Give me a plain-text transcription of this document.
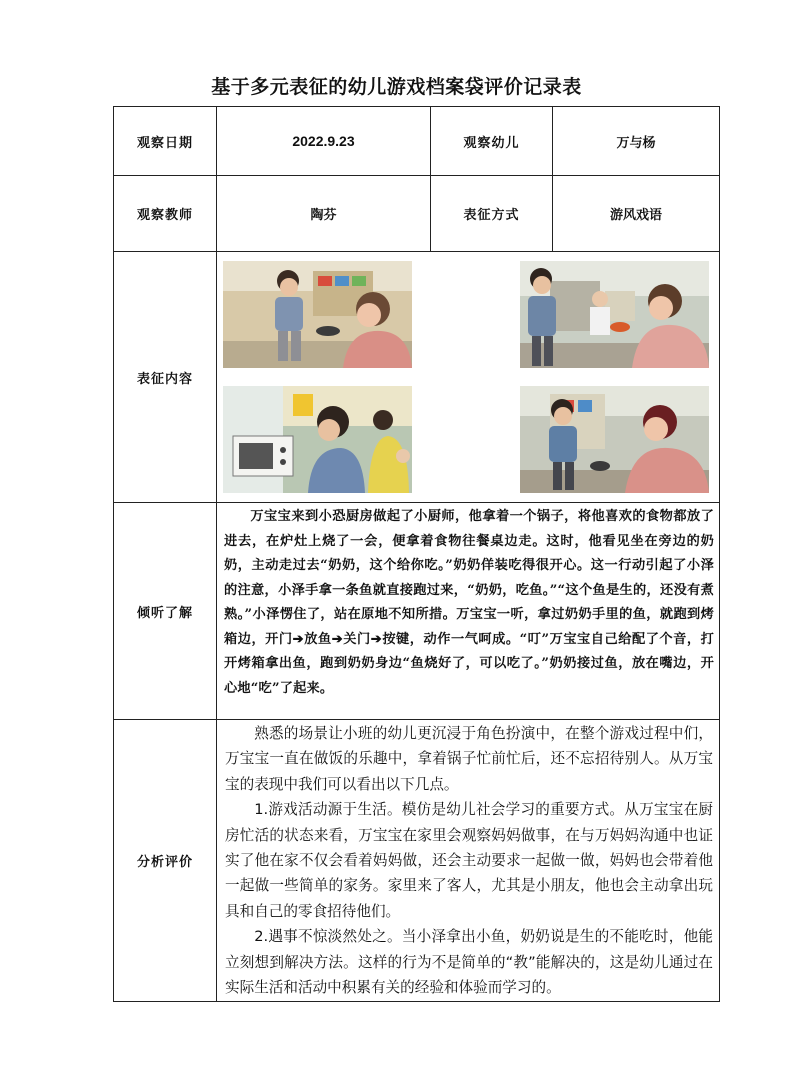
基于多元表征的幼儿游戏档案袋评价记录表
观察日期	2022.9.23	观察幼儿	万与杨
观察教师	陶芬	表征方式	游风戏语
表征内容	

倾听了解	万宝宝来到小恐厨房做起了小厨师，他拿着一个锅子，将他喜欢的食物都放了进去，在炉灶上烧了一会，便拿着食物往餐桌边走。这时，他看见坐在旁边的奶奶，主动走过去“奶奶，这个给你吃。”奶奶佯装吃得很开心。这一行动引起了小泽的注意，小泽手拿一条鱼就直接跑过来，“奶奶，吃鱼。”“这个鱼是生的，还没有煮熟。”小泽愣住了，站在原地不知所措。万宝宝一听，拿过奶奶手里的鱼，就跑到烤箱边，开门➔放鱼➔关门➔按键，动作一气呵成。“叮”万宝宝自己给配了个音，打开烤箱拿出鱼，跑到奶奶身边“鱼烧好了，可以吃了。”奶奶接过鱼，放在嘴边，开心地“吃”了起来。		

分析评价	熟悉的场景让小班的幼儿更沉浸于角色扮演中，在整个游戏过程中们，万宝宝一直在做饭的乐趣中，拿着锅子忙前忙后，还不忘招待别人。从万宝宝的表现中我们可以看出以下几点。

1.游戏活动源于生活。模仿是幼儿社会学习的重要方式。从万宝宝在厨房忙活的状态来看，万宝宝在家里会观察妈妈做事，在与万妈妈沟通中也证实了他在家不仅会看着妈妈做，还会主动要求一起做一做，妈妈也会带着他一起做一些简单的家务。家里来了客人，尤其是小朋友，他也会主动拿出玩具和自己的零食招待他们。

2.遇事不惊淡然处之。当小泽拿出小鱼，奶奶说是生的不能吃时，他能立刻想到解决方法。这样的行为不是简单的“教”能解决的，这是幼儿通过在实际生活和活动中积累有关的经验和体验而学习的。		
